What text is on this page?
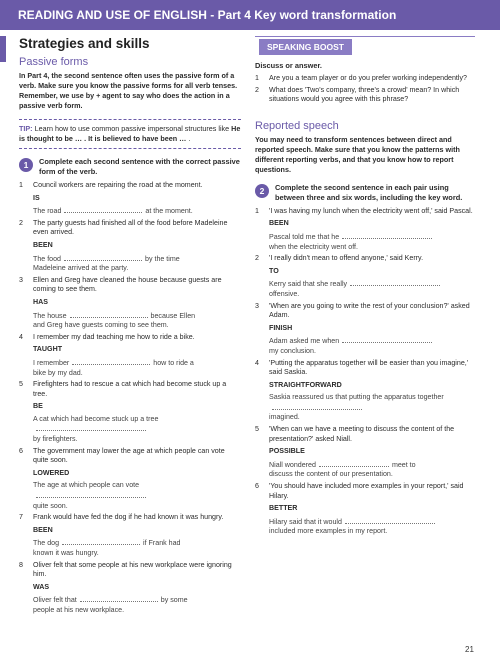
READING AND USE OF ENGLISH - Part 4 Key word transformation
Strategies and skills
Passive forms

In Part 4, the second sentence often uses the passive form of a verb. Make sure you know the passive forms for all verb tenses. Remember, we use by + agent to say who does the action in a passive verb form.

TIP: Learn how to use common passive impersonal structures like He is thought to be … . It is believed to have been … .
1	Complete each second sentence with the correct passive form of the verb.
1	Council workers are repairing the road at the moment.
IS
The road	at the moment.
2	The party guests had finished all of the food before Madeleine even arrived.
BEEN
The food	by the time
Madeleine arrived at the party.
3	Ellen and Greg have cleaned the house because guests are coming to see them.
HAS
The house	because Ellen
and Greg have guests coming to see them.
4	I remember my dad teaching me how to ride a bike.
TAUGHT
I remember	how to ride a
bike by my dad.
5	Firefighters had to rescue a cat which had become stuck up a tree.
BE
A cat which had become stuck up a tree
by firefighters.
6	The government may lower the age at which people can vote quite soon.
LOWERED
The age at which people can vote
quite soon.
7	Frank would have fed the dog if he had known it was hungry.
BEEN
The dog	if Frank had
known it was hungry.
8	Oliver felt that some people at his new workplace were ignoring him.
WAS
Oliver felt that	by some
people at his new workplace.
SPEAKING BOOST
Discuss or answer.
1	Are you a team player or do you prefer working independently?
2	What does 'Two's company, three's a crowd' mean? In which situations would you agree with this phrase?
Reported speech

You may need to transform sentences between direct and reported speech. Make sure that you know the patterns with different reporting verbs, and that you know how to report questions.

2	Complete the second sentence in each pair using between three and six words, including the key word.
1	'I was having my lunch when the electricity went off,' said Pascal.
BEEN
Pascal told me that he
when the electricity went off.
2	'I really didn't mean to offend anyone,' said Kerry.
TO
Kerry said that she really
offensive.
3	'When are you going to write the rest of your conclusion?' asked Adam.
FINISH
Adam asked me when
my conclusion.
4	'Putting the apparatus together will be easier than you imagine,' said Saskia.
STRAIGHTFORWARD
Saskia reassured us that putting the apparatus together
imagined.
5	'When can we have a meeting to discuss the content of the presentation?' asked Niall.
POSSIBLE
Niall wondered	meet to
discuss the content of our presentation.
6	'You should have included more examples in your report,' said Hilary.
BETTER
Hilary said that it would
included more examples in my report.
21
